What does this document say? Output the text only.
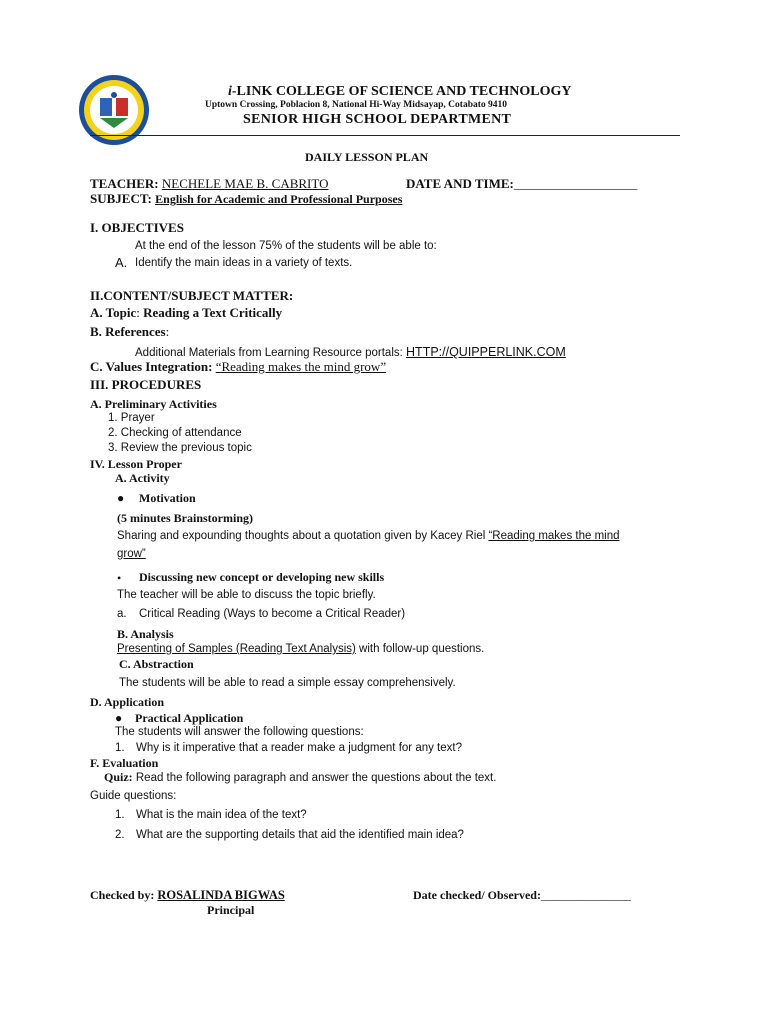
i-LINK COLLEGE OF SCIENCE AND TECHNOLOGY
Uptown Crossing, Poblacion 8, National Hi-Way Midsayap, Cotabato 9410
SENIOR HIGH SCHOOL DEPARTMENT
DAILY LESSON PLAN
TEACHER: NECHELE MAE B. CABRITO	DATE AND TIME:___________________
SUBJECT: English for Academic and Professional Purposes
I. OBJECTIVES
At the end of the lesson 75% of the students will be able to:
A. Identify the main ideas in a variety of texts.
II.CONTENT/SUBJECT MATTER:
A. Topic: Reading a Text Critically
B. References:
Additional Materials from Learning Resource portals: HTTP://QUIPPERLINK.COM
C. Values Integration: “Reading makes the mind grow”
III. PROCEDURES
A. Preliminary Activities
1. Prayer
2. Checking of attendance
3. Review the previous topic
IV. Lesson Proper
A. Activity
● Motivation
(5 minutes Brainstorming)
Sharing and expounding thoughts about a quotation given by Kacey Riel “Reading makes the mind
grow”
• Discussing new concept or developing new skills
The teacher will be able to discuss the topic briefly.
a. Critical Reading (Ways to become a Critical Reader)
B. Analysis
Presenting of Samples (Reading Text Analysis) with follow-up questions.
C. Abstraction
The students will be able to read a simple essay comprehensively.
D. Application
● Practical Application
The students will answer the following questions:
1. Why is it imperative that a reader make a judgment for any text?
F. Evaluation
Quiz: Read the following paragraph and answer the questions about the text.
Guide questions:
1. What is the main idea of the text?
2. What are the supporting details that aid the identified main idea?
Checked by: ROSALINDA BIGWAS
Principal
Date checked/ Observed:_______________
